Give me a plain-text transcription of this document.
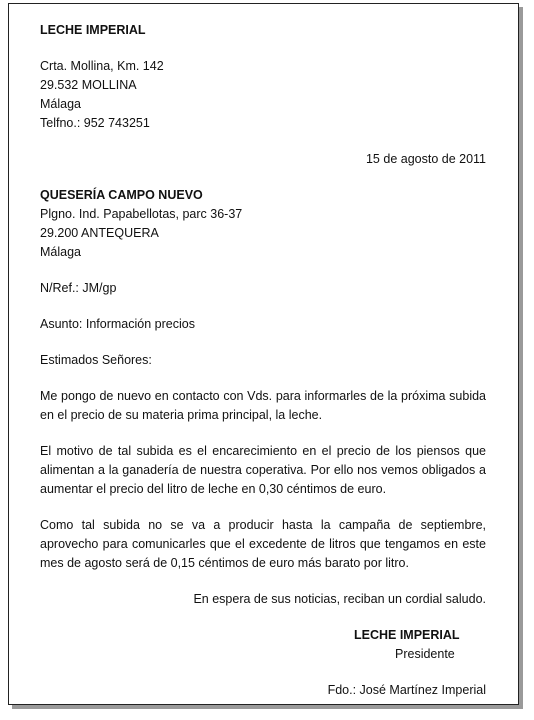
LECHE IMPERIAL
Crta. Mollina, Km. 142
29.532 MOLLINA
Málaga
Telfno.: 952 743251
15 de agosto de 2011
QUESERÍA CAMPO NUEVO
Plgno. Ind. Papabellotas, parc 36-37
29.200 ANTEQUERA
Málaga
N/Ref.: JM/gp
Asunto: Información precios
Estimados Señores:

Me pongo de nuevo en contacto con Vds. para informarles de la próxima subida en el precio de su materia prima principal, la leche.

El motivo de tal subida es el encarecimiento en el precio de los piensos que alimentan a la ganadería de nuestra coperativa. Por ello nos vemos obligados a aumentar el precio del litro de leche en 0,30 céntimos de euro.

Como tal subida no se va a producir hasta la campaña de septiembre, aprovecho para comunicarles que el excedente de litros que tengamos en este mes de agosto será de 0,15 céntimos de euro más barato por litro.

En espera de sus noticias, reciban un cordial saludo.
LECHE IMPERIAL
Presidente
Fdo.: José Martínez Imperial
